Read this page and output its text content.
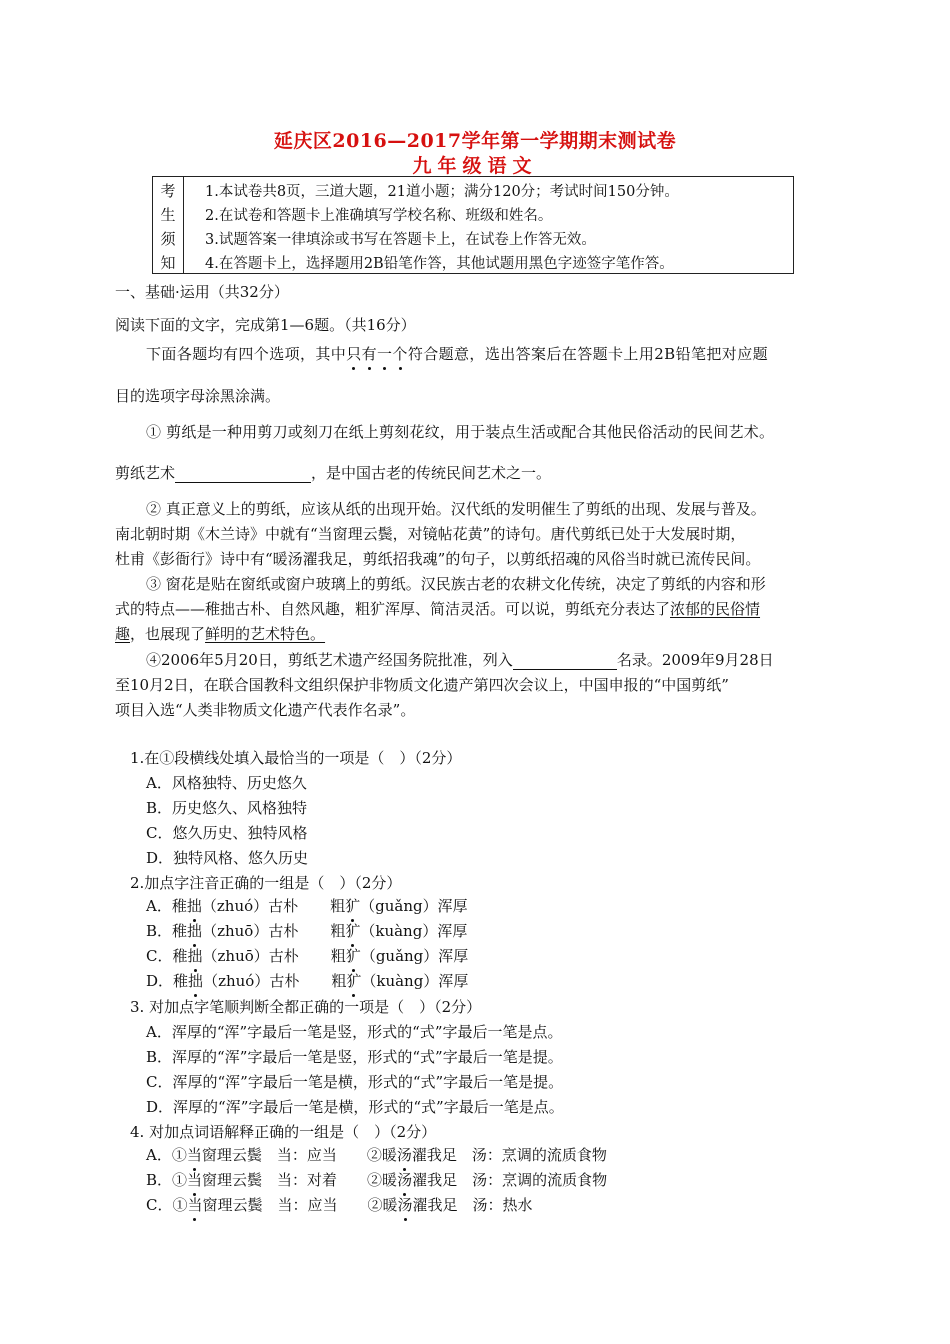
延庆区2016—2017学年第一学期期末测试卷
九年级语文
考
生
须
知
1.本试卷共8页，三道大题，21道小题；满分120分；考试时间150分钟。
2.在试卷和答题卡上准确填写学校名称、班级和姓名。
3.试题答案一律填涂或书写在答题卡上，在试卷上作答无效。
4.在答题卡上，选择题用2B铅笔作答，其他试题用黑色字迹签字笔作答。
一、基础·运用（共32分）
阅读下面的文字，完成第1—6题。（共16分）
下面各题均有四个选项，其中只有一个符合题意，选出答案后在答题卡上用2B铅笔把对应题
目的选项字母涂黑涂满。
① 剪纸是一种用剪刀或刻刀在纸上剪刻花纹，用于装点生活或配合其他民俗活动的民间艺术。
剪纸艺术	，是中国古老的传统民间艺术之一。
② 真正意义上的剪纸，应该从纸的出现开始。汉代纸的发明催生了剪纸的出现、发展与普及。
南北朝时期《木兰诗》中就有“当窗理云鬓，对镜帖花黄”的诗句。唐代剪纸已处于大发展时期，
杜甫《彭衙行》诗中有“暖汤濯我足，剪纸招我魂”的句子，以剪纸招魂的风俗当时就已流传民间。
③ 窗花是贴在窗纸或窗户玻璃上的剪纸。汉民族古老的农耕文化传统，决定了剪纸的内容和形
式的特点——稚拙古朴、自然风趣，粗犷浑厚、简洁灵活。可以说，剪纸充分表达了浓郁的民俗情
趣，也展现了鲜明的艺术特色。
④2006年5月20日，剪纸艺术遗产经国务院批准，列入	名录。2009年9月28日
至10月2日，在联合国教科文组织保护非物质文化遗产第四次会议上，中国申报的“中国剪纸”
项目入选“人类非物质文化遗产代表作名录”。
1.在①段横线处填入最恰当的一项是（　）（2分）
A．风格独特、历史悠久
B．历史悠久、风格独特
C．悠久历史、独特风格
D．独特风格、悠久历史
2.加点字注音正确的一组是（　）（2分）
A．稚拙（zhuó）古朴 粗犷（guǎng）浑厚
B．稚拙（zhuō）古朴 粗犷（kuàng）浑厚
C．稚拙（zhuō）古朴 粗犷（guǎng）浑厚
D．稚拙（zhuó）古朴 粗犷（kuàng）浑厚
3. 对加点字笔顺判断全都正确的一项是（　）（2分）
A．浑厚的“浑”字最后一笔是竖，形式的“式”字最后一笔是点。
B．浑厚的“浑”字最后一笔是竖，形式的“式”字最后一笔是提。
C．浑厚的“浑”字最后一笔是横，形式的“式”字最后一笔是提。
D．浑厚的“浑”字最后一笔是横，形式的“式”字最后一笔是点。
4. 对加点词语解释正确的一组是（　）（2分）
A．①当窗理云鬓　当：应当　　②暖汤濯我足　汤：烹调的流质食物
B．①当窗理云鬓　当：对着　　②暖汤濯我足　汤：烹调的流质食物
C．①当窗理云鬓　当：应当　　②暖汤濯我足　汤：热水
